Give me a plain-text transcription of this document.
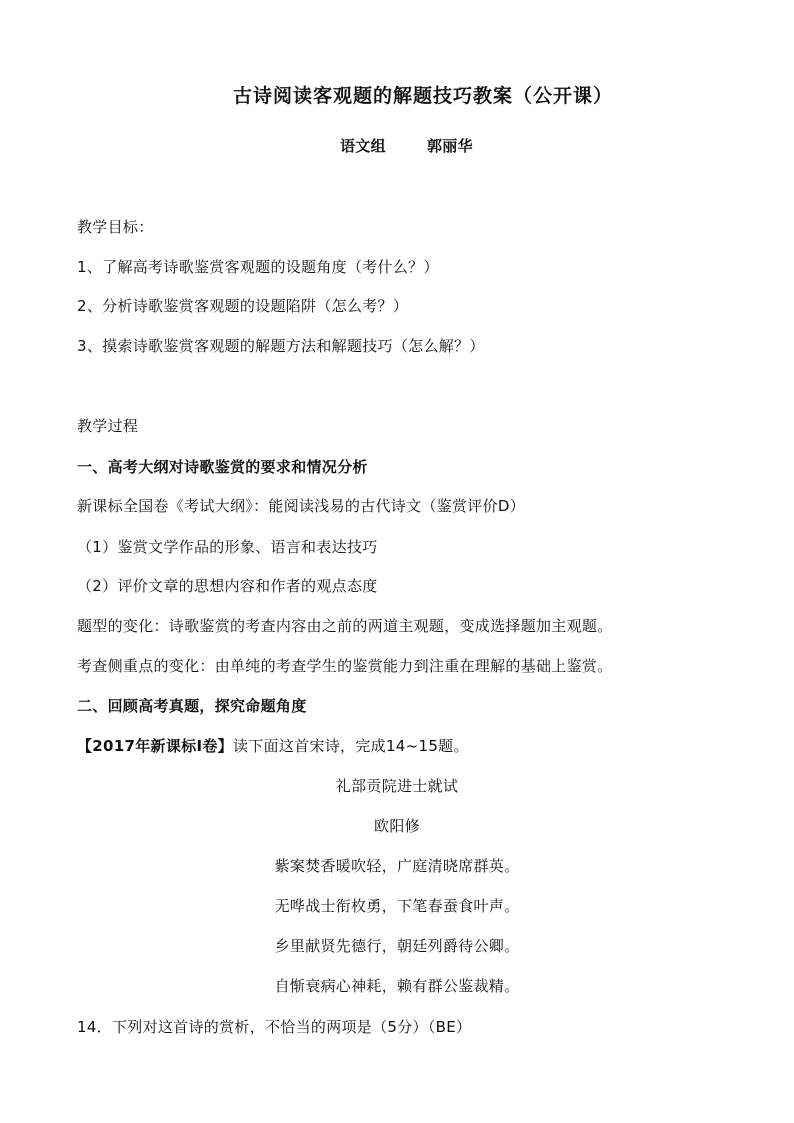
古诗阅读客观题的解题技巧教案（公开课）
语文组	郭丽华
教学目标：
1、了解高考诗歌鉴赏客观题的设题角度（考什么？）
2、分析诗歌鉴赏客观题的设题陷阱（怎么考？）
3、摸索诗歌鉴赏客观题的解题方法和解题技巧（怎么解？）
教学过程
一、高考大纲对诗歌鉴赏的要求和情况分析
新课标全国卷《考试大纲》：能阅读浅易的古代诗文（鉴赏评价D）
（1）鉴赏文学作品的形象、语言和表达技巧
（2）评价文章的思想内容和作者的观点态度
题型的变化：诗歌鉴赏的考查内容由之前的两道主观题，变成选择题加主观题。
考查侧重点的变化：由单纯的考查学生的鉴赏能力到注重在理解的基础上鉴赏。
二、回顾高考真题，探究命题角度
【2017年新课标Ⅰ卷】读下面这首宋诗，完成14~15题。
礼部贡院进士就试
欧阳修
紫案焚香暖吹轻，广庭清晓席群英。
无哗战士衔枚勇，下笔春蚕食叶声。
乡里献贤先德行，朝廷列爵待公卿。
自惭衰病心神耗，赖有群公鉴裁精。
14．下列对这首诗的赏析，不恰当的两项是（5分）（BE）
